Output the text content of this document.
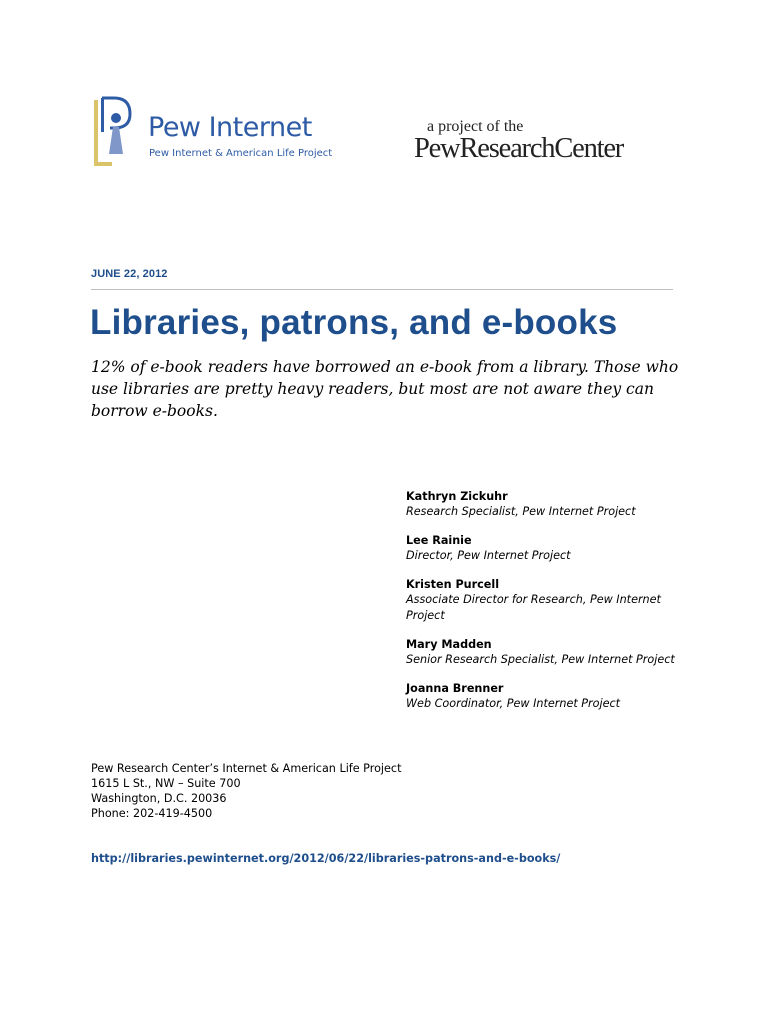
Pew Internet
Pew Internet & American Life Project
a project of the
PewResearchCenter
JUNE 22, 2012
Libraries, patrons, and e-books
12% of e-book readers have borrowed an e-book from a library. Those who use libraries are pretty heavy readers, but most are not aware they can borrow e-books.
Kathryn Zickuhr
Research Specialist, Pew Internet Project
Lee Rainie
Director, Pew Internet Project
Kristen Purcell
Associate Director for Research, Pew Internet Project
Mary Madden
Senior Research Specialist, Pew Internet Project
Joanna Brenner
Web Coordinator, Pew Internet Project
Pew Research Center’s Internet & American Life Project
1615 L St., NW – Suite 700
Washington, D.C. 20036
Phone: 202-419-4500
http://libraries.pewinternet.org/2012/06/22/libraries-patrons-and-e-books/
